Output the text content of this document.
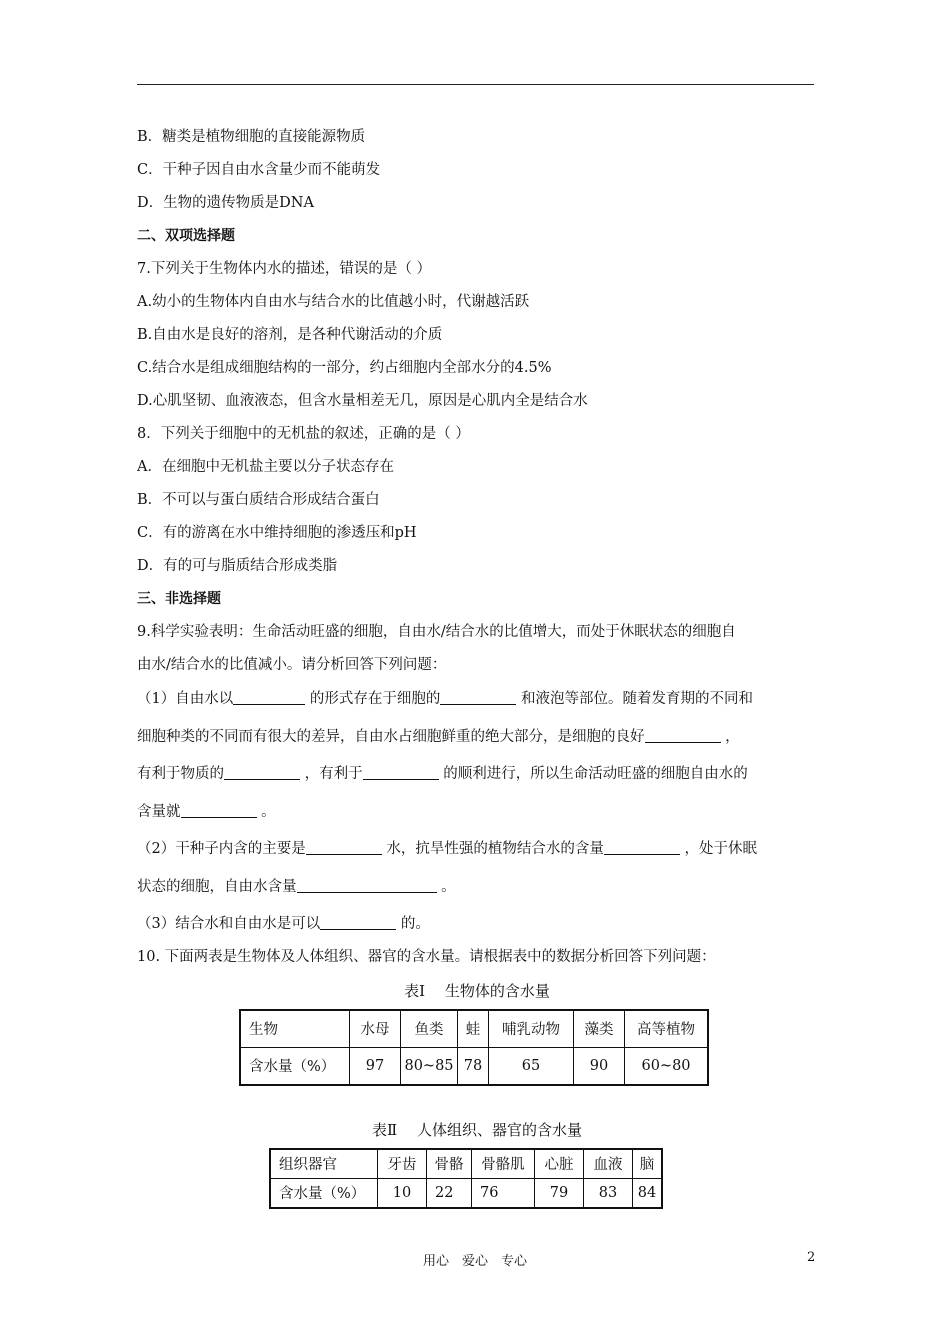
B．糖类是植物细胞的直接能源物质
C．干种子因自由水含量少而不能萌发
D．生物的遗传物质是DNA
二、双项选择题
7.下列关于生物体内水的描述，错误的是（ ）
A.幼小的生物体内自由水与结合水的比值越小时，代谢越活跃
B.自由水是良好的溶剂，是各种代谢活动的介质
C.结合水是组成细胞结构的一部分，约占细胞内全部水分的4.5%
D.心肌坚韧、血液液态，但含水量相差无几，原因是心肌内全是结合水
8．下列关于细胞中的无机盐的叙述，正确的是（ ）
A．在细胞中无机盐主要以分子状态存在
B．不可以与蛋白质结合形成结合蛋白
C．有的游离在水中维持细胞的渗透压和pH
D．有的可与脂质结合形成类脂
三、非选择题
9.科学实验表明：生命活动旺盛的细胞，自由水/结合水的比值增大，而处于休眠状态的细胞自
由水/结合水的比值减小。请分析回答下列问题：
（1）自由水以	的形式存在于细胞的	和液泡等部位。随着发育期的不同和
细胞种类的不同而有很大的差异，自由水占细胞鲜重的绝大部分，是细胞的良好	，
有利于物质的	，有利于	的顺利进行，所以生命活动旺盛的细胞自由水的
含量就	。
（2）干种子内含的主要是	水，抗旱性强的植物结合水的含量	，处于休眠
状态的细胞，自由水含量	。
（3）结合水和自由水是可以	的。
10. 下面两表是生物体及人体组织、器官的含水量。请根据表中的数据分析回答下列问题：
表Ⅰ　 生物体的含水量
生物	水母	鱼类	蛙	哺乳动物	藻类	高等植物
含水量（%）	97	80~85	78	65	90	60~80
表Ⅱ　 人体组织、器官的含水量
组织器官	牙齿	骨骼	骨骼肌	心脏	血液	脑
含水量（%）	10	22	76	79	83	84
用心　爱心　专心	2
